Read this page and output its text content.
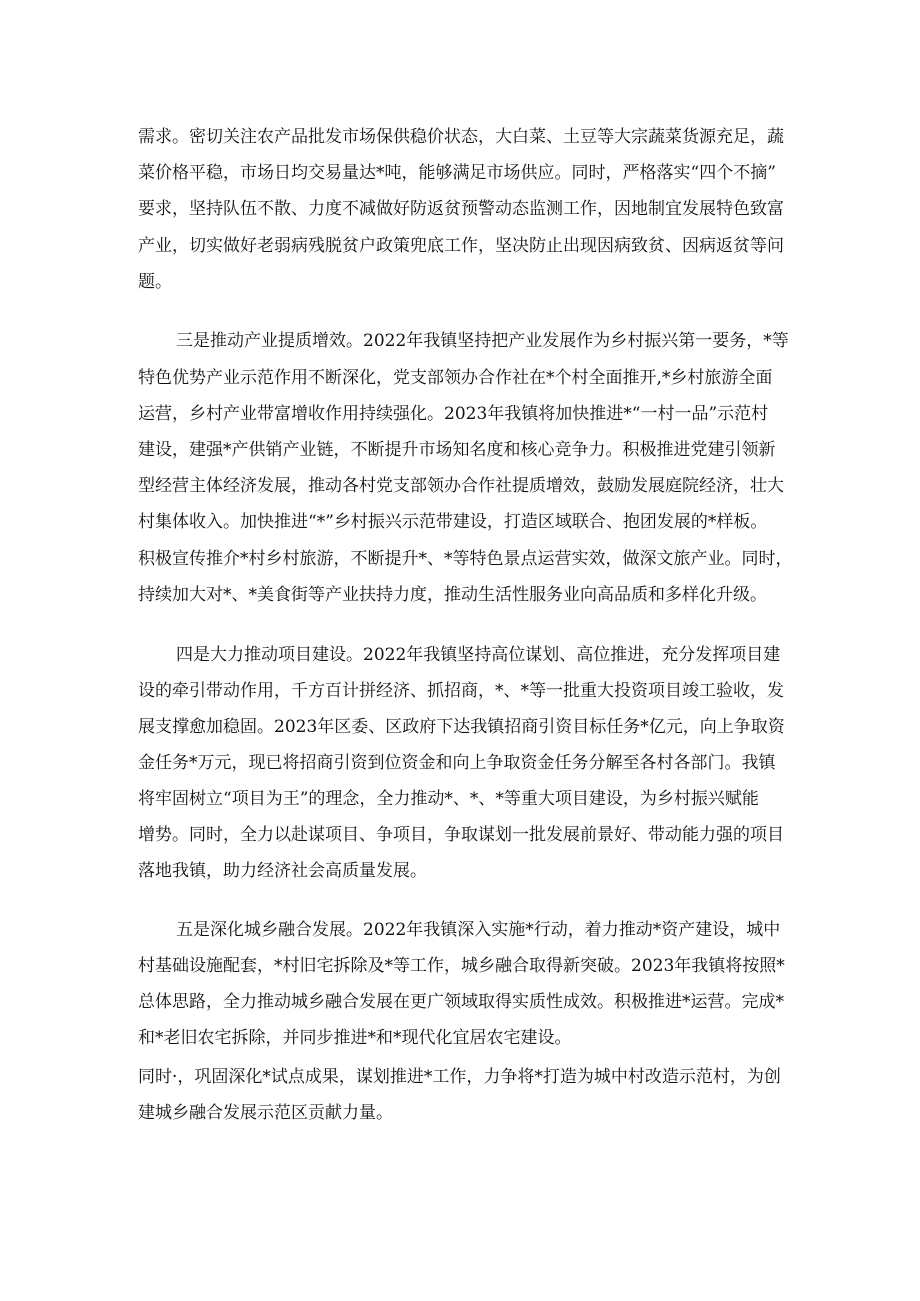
需求。密切关注农产品批发市场保供稳价状态，大白菜、土豆等大宗蔬菜货源充足，蔬
菜价格平稳，市场日均交易量达*吨，能够满足市场供应。同时，严格落实“四个不摘”
要求，坚持队伍不散、力度不减做好防返贫预警动态监测工作，因地制宜发展特色致富
产业，切实做好老弱病残脱贫户政策兜底工作，坚决防止出现因病致贫、因病返贫等问
题。
三是推动产业提质增效。2022年我镇坚持把产业发展作为乡村振兴第一要务，*等
特色优势产业示范作用不断深化，党支部领办合作社在*个村全面推开,*乡村旅游全面
运营，乡村产业带富增收作用持续强化。2023年我镇将加快推进*“一村一品”示范村
建设，建强*产供销产业链，不断提升市场知名度和核心竞争力。积极推进党建引领新
型经营主体经济发展，推动各村党支部领办合作社提质增效，鼓励发展庭院经济，壮大
村集体收入。加快推进“*”乡村振兴示范带建设，打造区域联合、抱团发展的*样板。
积极宣传推介*村乡村旅游，不断提升*、*等特色景点运营实效，做深文旅产业。同时，
持续加大对*、*美食街等产业扶持力度，推动生活性服务业向高品质和多样化升级。
四是大力推动项目建设。2022年我镇坚持高位谋划、高位推进，充分发挥项目建
设的牵引带动作用，千方百计拼经济、抓招商，*、*等一批重大投资项目竣工验收，发
展支撑愈加稳固。2023年区委、区政府下达我镇招商引资目标任务*亿元，向上争取资
金任务*万元，现已将招商引资到位资金和向上争取资金任务分解至各村各部门。我镇
将牢固树立“项目为王”的理念，全力推动*、*、*等重大项目建设，为乡村振兴赋能
增势。同时，全力以赴谋项目、争项目，争取谋划一批发展前景好、带动能力强的项目
落地我镇，助力经济社会高质量发展。
五是深化城乡融合发展。2022年我镇深入实施*行动，着力推动*资产建设，城中
村基础设施配套，*村旧宅拆除及*等工作，城乡融合取得新突破。2023年我镇将按照*
总体思路，全力推动城乡融合发展在更广领域取得实质性成效。积极推进*运营。完成*
和*老旧农宅拆除，并同步推进*和*现代化宜居农宅建设。
同时·，巩固深化*试点成果，谋划推进*工作，力争将*打造为城中村改造示范村，为创
建城乡融合发展示范区贡献力量。
